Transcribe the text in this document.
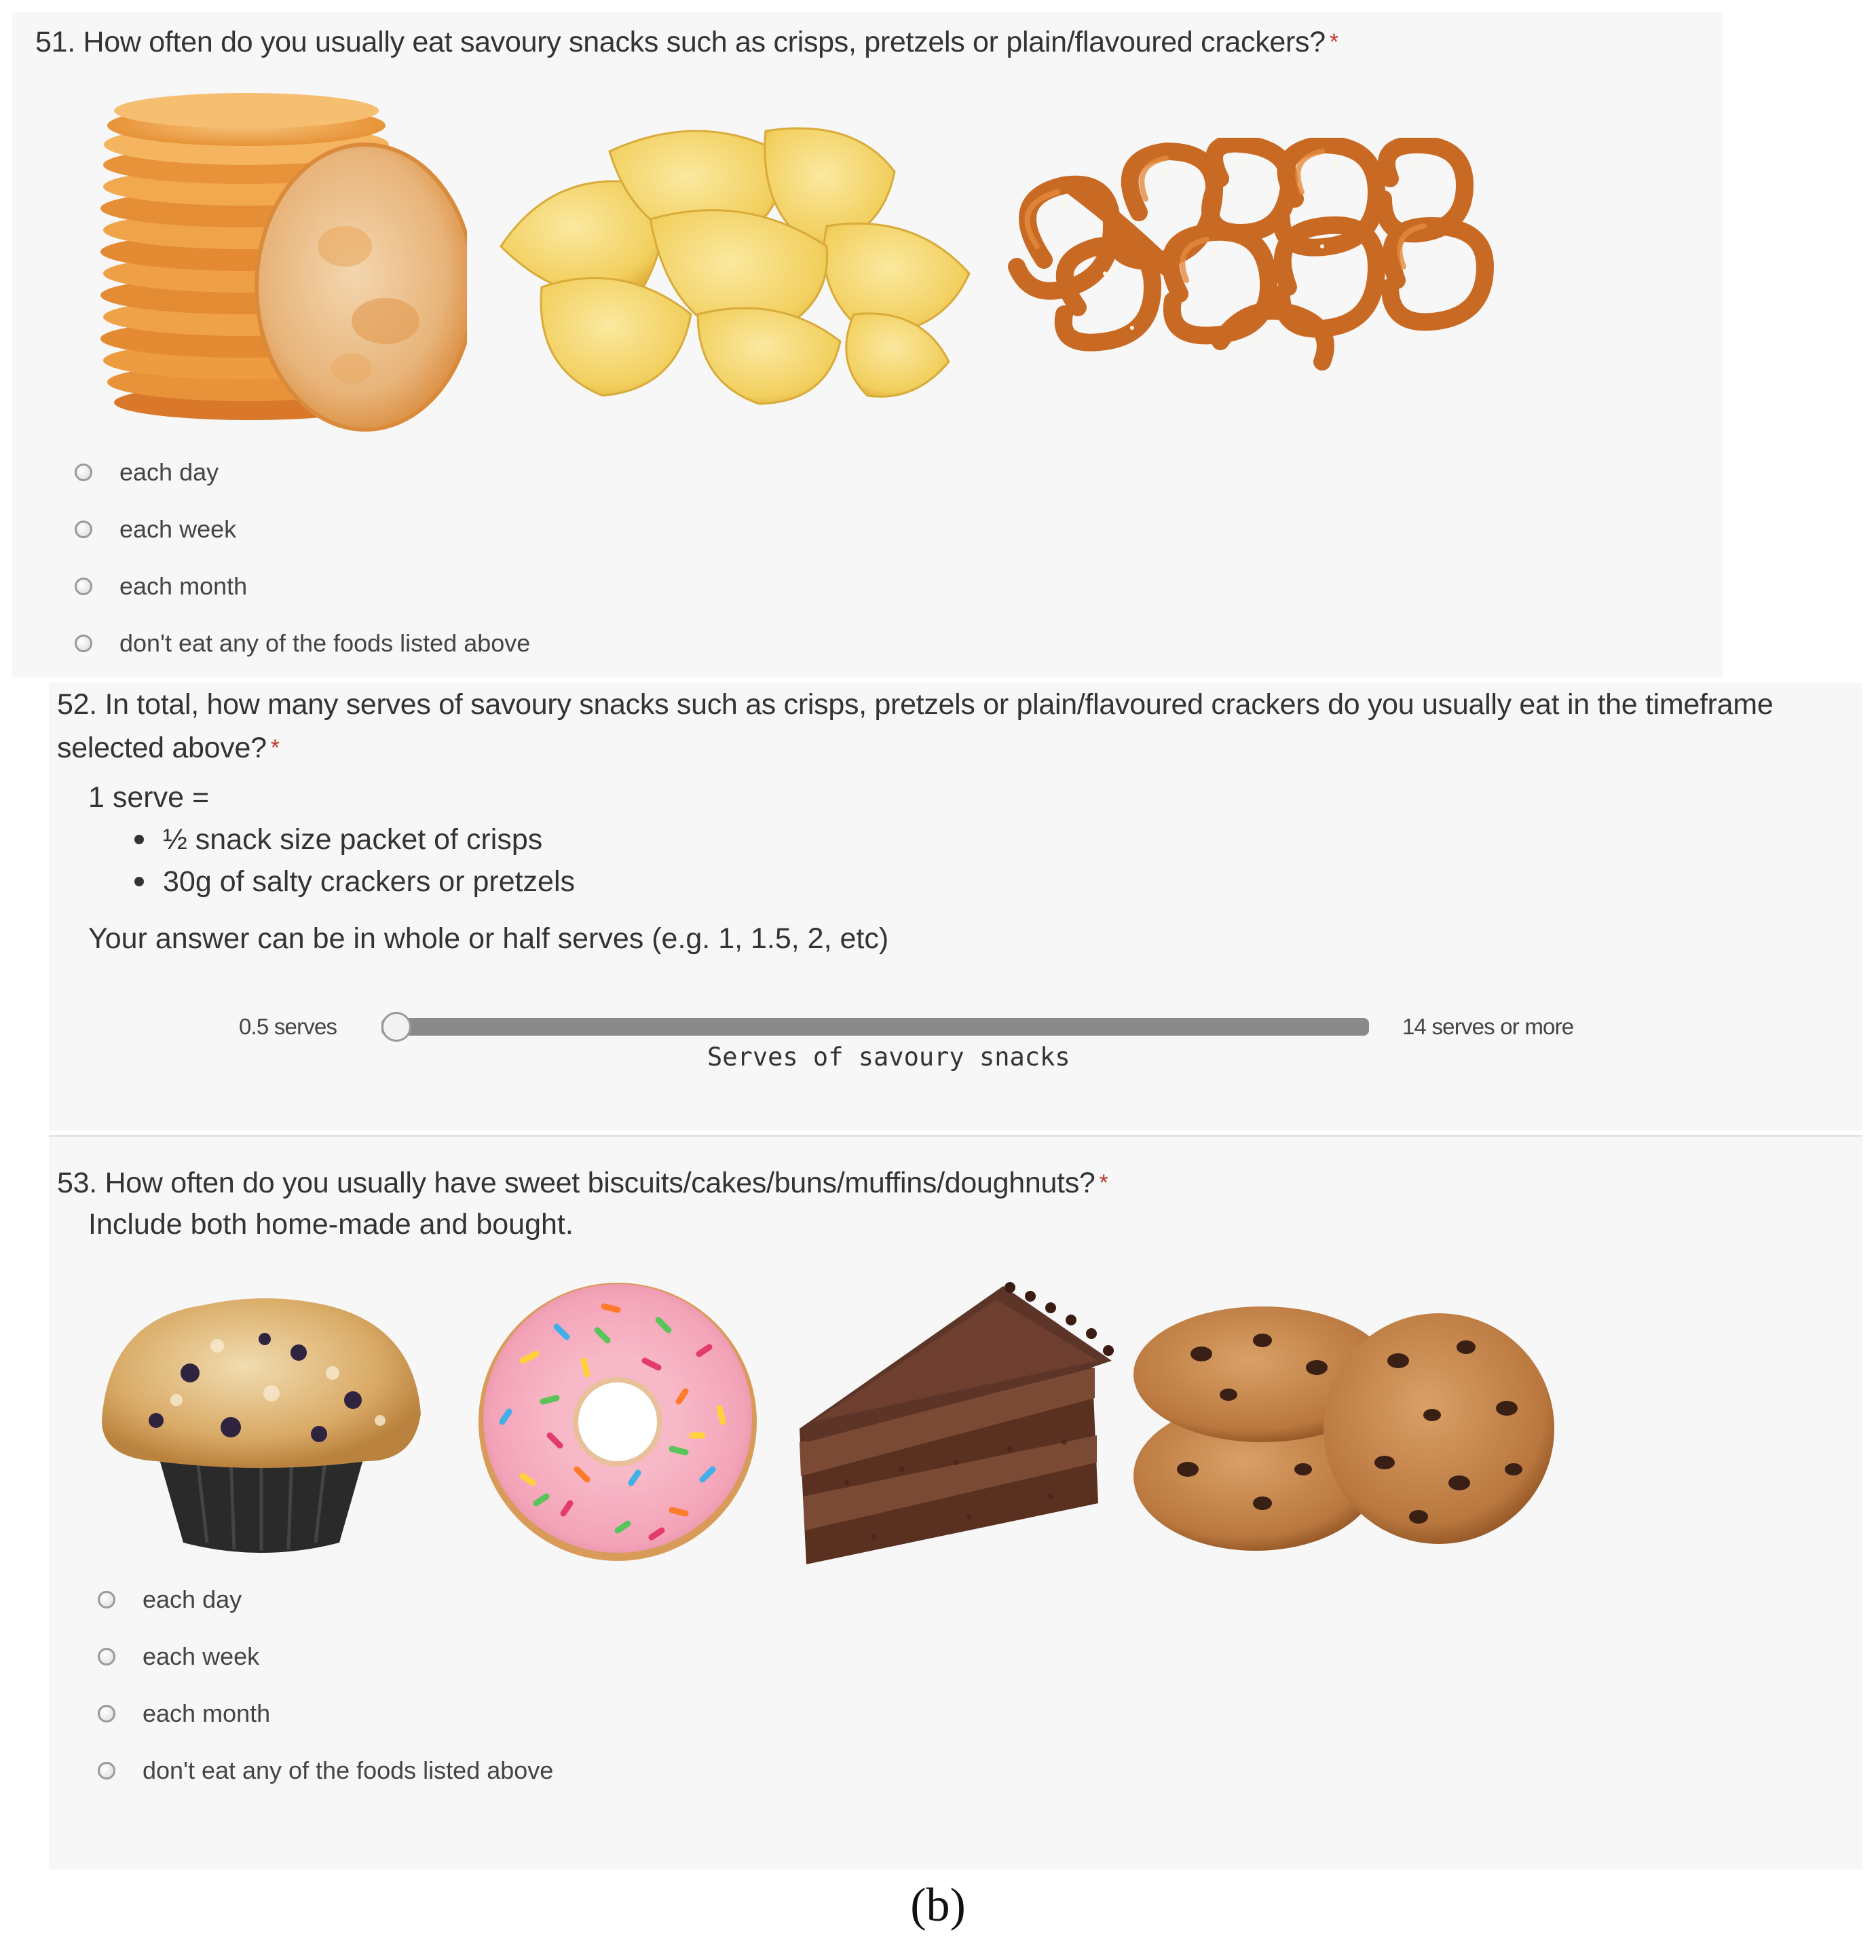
51. How often do you usually eat savoury snacks such as crisps, pretzels or plain/flavoured crackers? *
each day
each week
each month
don't eat any of the foods listed above
52. In total, how many serves of savoury snacks such as crisps, pretzels or plain/flavoured crackers do you usually eat in the timeframe
selected above? *
1 serve =
½ snack size packet of crisps
30g of salty crackers or pretzels
Your answer can be in whole or half serves (e.g. 1, 1.5, 2, etc)
0.5 serves	14 serves or more
Serves of savoury snacks
53. How often do you usually have sweet biscuits/cakes/buns/muffins/doughnuts? *
Include both home-made and bought.
each day
each week
each month
don't eat any of the foods listed above
(b)
